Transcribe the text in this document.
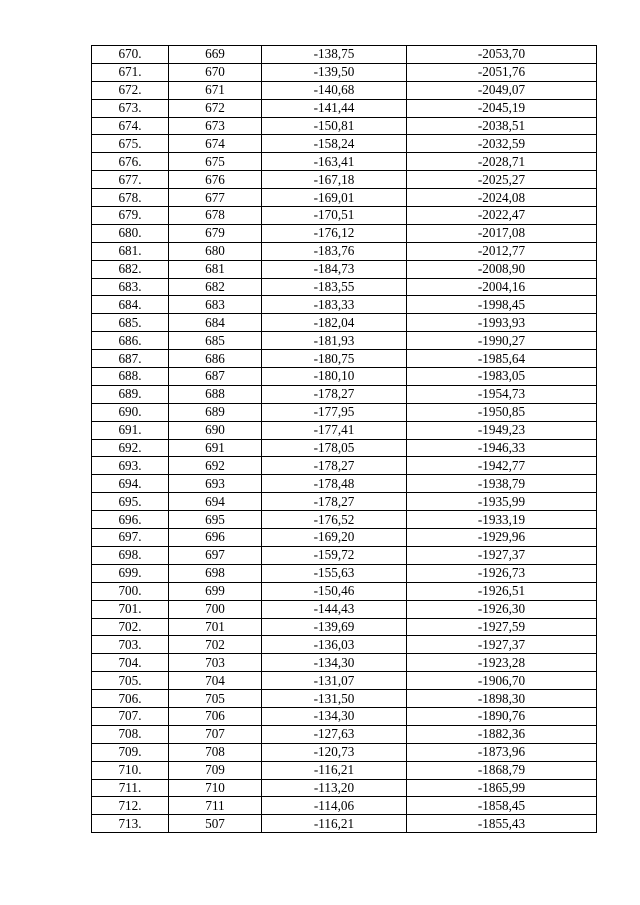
670.	669	-138,75	-2053,70
671.	670	-139,50	-2051,76
672.	671	-140,68	-2049,07
673.	672	-141,44	-2045,19
674.	673	-150,81	-2038,51
675.	674	-158,24	-2032,59
676.	675	-163,41	-2028,71
677.	676	-167,18	-2025,27
678.	677	-169,01	-2024,08
679.	678	-170,51	-2022,47
680.	679	-176,12	-2017,08
681.	680	-183,76	-2012,77
682.	681	-184,73	-2008,90
683.	682	-183,55	-2004,16
684.	683	-183,33	-1998,45
685.	684	-182,04	-1993,93
686.	685	-181,93	-1990,27
687.	686	-180,75	-1985,64
688.	687	-180,10	-1983,05
689.	688	-178,27	-1954,73
690.	689	-177,95	-1950,85
691.	690	-177,41	-1949,23
692.	691	-178,05	-1946,33
693.	692	-178,27	-1942,77
694.	693	-178,48	-1938,79
695.	694	-178,27	-1935,99
696.	695	-176,52	-1933,19
697.	696	-169,20	-1929,96
698.	697	-159,72	-1927,37
699.	698	-155,63	-1926,73
700.	699	-150,46	-1926,51
701.	700	-144,43	-1926,30
702.	701	-139,69	-1927,59
703.	702	-136,03	-1927,37
704.	703	-134,30	-1923,28
705.	704	-131,07	-1906,70
706.	705	-131,50	-1898,30
707.	706	-134,30	-1890,76
708.	707	-127,63	-1882,36
709.	708	-120,73	-1873,96
710.	709	-116,21	-1868,79
711.	710	-113,20	-1865,99
712.	711	-114,06	-1858,45
713.	507	-116,21	-1855,43
